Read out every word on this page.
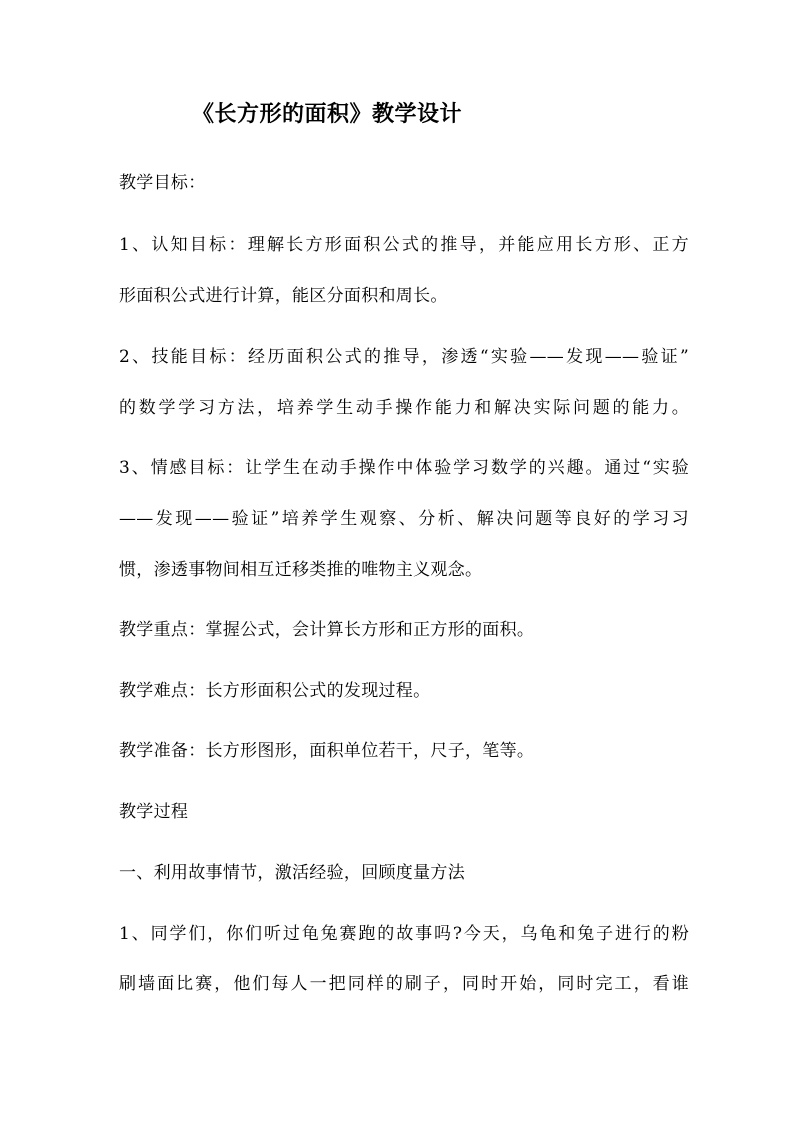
《长方形的面积》教学设计
教学目标：
1、认知目标：理解长方形面积公式的推导，并能应用长方形、正方
形面积公式进行计算，能区分面积和周长。
2、技能目标：经历面积公式的推导，渗透“实验——发现——验证”
的数学学习方法，培养学生动手操作能力和解决实际问题的能力。
3、情感目标：让学生在动手操作中体验学习数学的兴趣。通过“实验
——发现——验证”培养学生观察、分析、解决问题等良好的学习习
惯，渗透事物间相互迁移类推的唯物主义观念。
教学重点：掌握公式，会计算长方形和正方形的面积。
教学难点：长方形面积公式的发现过程。
教学准备：长方形图形，面积单位若干，尺子，笔等。
教学过程
一、利用故事情节，激活经验，回顾度量方法
1、同学们，你们听过龟兔赛跑的故事吗?今天，乌龟和兔子进行的粉
刷墙面比赛，他们每人一把同样的刷子，同时开始，同时完工，看谁
